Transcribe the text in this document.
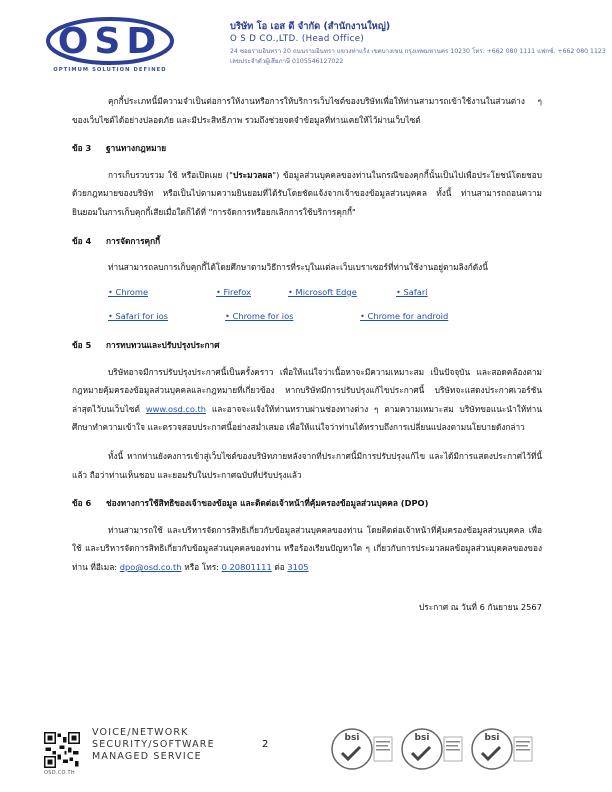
OSD
OPTIMUM SOLUTION DEFINED
บริษัท โอ เอส ดี จำกัด (สำนักงานใหญ่)
O S D CO.,LTD. (Head Office)
24 ซอยรามอินทรา 20 ถนนรามอินทรา แขวงท่าแร้ง เขตบางเขน กรุงเทพมหานคร 10230 โทร. +662 080 1111 แฟกซ์. +662 080 1123
เลขประจำตัวผู้เสียภาษี 0105546127022

คุกกี้ประเภทนี้มีความจำเป็นต่อการให้งานหรือการให้บริการเว็บไซต์ของบริษัทเพื่อให้ท่านสามารถเข้าใช้งานในส่วนต่าง ๆ ของเว็บไซต์ได้อย่างปลอดภัย และมีประสิทธิภาพ รวมถึงช่วยจดจำข้อมูลที่ท่านเคยให้ไว้ผ่านเว็บไซต์

ข้อ 3	ฐานทางกฎหมาย

การเก็บรวบรวม ใช้ หรือเปิดเผย ("ประมวลผล") ข้อมูลส่วนบุคคลของท่านในกรณีของคุกกี้นั้นเป็นไปเพื่อประโยชน์โดยชอบด้วยกฎหมายของบริษัท หรือเป็นไปตามความยินยอมที่ได้รับโดยชัดแจ้งจากเจ้าของข้อมูลส่วนบุคคล ทั้งนี้ ท่านสามารถถอนความยินยอมในการเก็บคุกกี้เสียเมื่อใดก็ได้ที่ "การจัดการหรือยกเลิกการใช้บริการคุกกี้"

ข้อ 4	การจัดการคุกกี้

ท่านสามารถลบการเก็บคุกกี้ได้โดยศึกษาตามวิธีการที่ระบุในแต่ละเว็บเบราเซอร์ที่ท่านใช้งานอยู่ตามลิงก์ดังนี้

• Chrome	• Firefox	• Microsoft Edge	• Safari
• Safari for ios	• Chrome for ios	• Chrome for android
ข้อ 5	การทบทวนและปรับปรุงประกาศ

บริษัทอาจมีการปรับปรุงประกาศนี้เป็นครั้งคราว เพื่อให้แน่ใจว่าเนื้อหาจะมีความเหมาะสม เป็นปัจจุบัน และสอดคล้องตามกฎหมายคุ้มครองข้อมูลส่วนบุคคลและกฎหมายที่เกี่ยวข้อง หากบริษัทมีการปรับปรุงแก้ไขประกาศนี้ บริษัทจะแสดงประกาศเวอร์ชันล่าสุดไว้บนเว็บไซต์ www.osd.co.th และอาจจะแจ้งให้ท่านทราบผ่านช่องทางต่าง ๆ ตามความเหมาะสม บริษัทขอแนะนำให้ท่านศึกษาทำความเข้าใจ และตรวจสอบประกาศนี้อย่างสม่ำเสมอ เพื่อให้แน่ใจว่าท่านได้ทราบถึงการเปลี่ยนแปลงตามนโยบายดังกล่าว

ทั้งนี้ หากท่านยังคงการเข้าสู่เว็บไซต์ของบริษัทภายหลังจากที่ประกาศนี้มีการปรับปรุงแก้ไข และได้มีการแสดงประกาศไว้ที่นี้แล้ว ถือว่าท่านเห็นชอบ และยอมรับในประกาศฉบับที่ปรับปรุงแล้ว

ข้อ 6	ช่องทางการใช้สิทธิของเจ้าของข้อมูล และติดต่อเจ้าหน้าที่คุ้มครองข้อมูลส่วนบุคคล (DPO)

ท่านสามารถใช้ และบริหารจัดการสิทธิเกี่ยวกับข้อมูลส่วนบุคคลของท่าน โดยติดต่อเจ้าหน้าที่คุ้มครองข้อมูลส่วนบุคคล เพื่อใช้ และบริหารจัดการสิทธิเกี่ยวกับข้อมูลส่วนบุคคลของท่าน หรือร้องเรียนปัญหาใด ๆ เกี่ยวกับการประมวลผลข้อมูลส่วนบุคคลของของท่าน ที่อีเมล: dpo@osd.co.th หรือ โทร: 0 20801111 ต่อ 3105

ประกาศ ณ วันที่ 6 กันยายน 2567
OSD.CO.TH
VOICE/NETWORK
SECURITY/SOFTWARE
MANAGED SERVICE
2
bsi	bsi	bsi
